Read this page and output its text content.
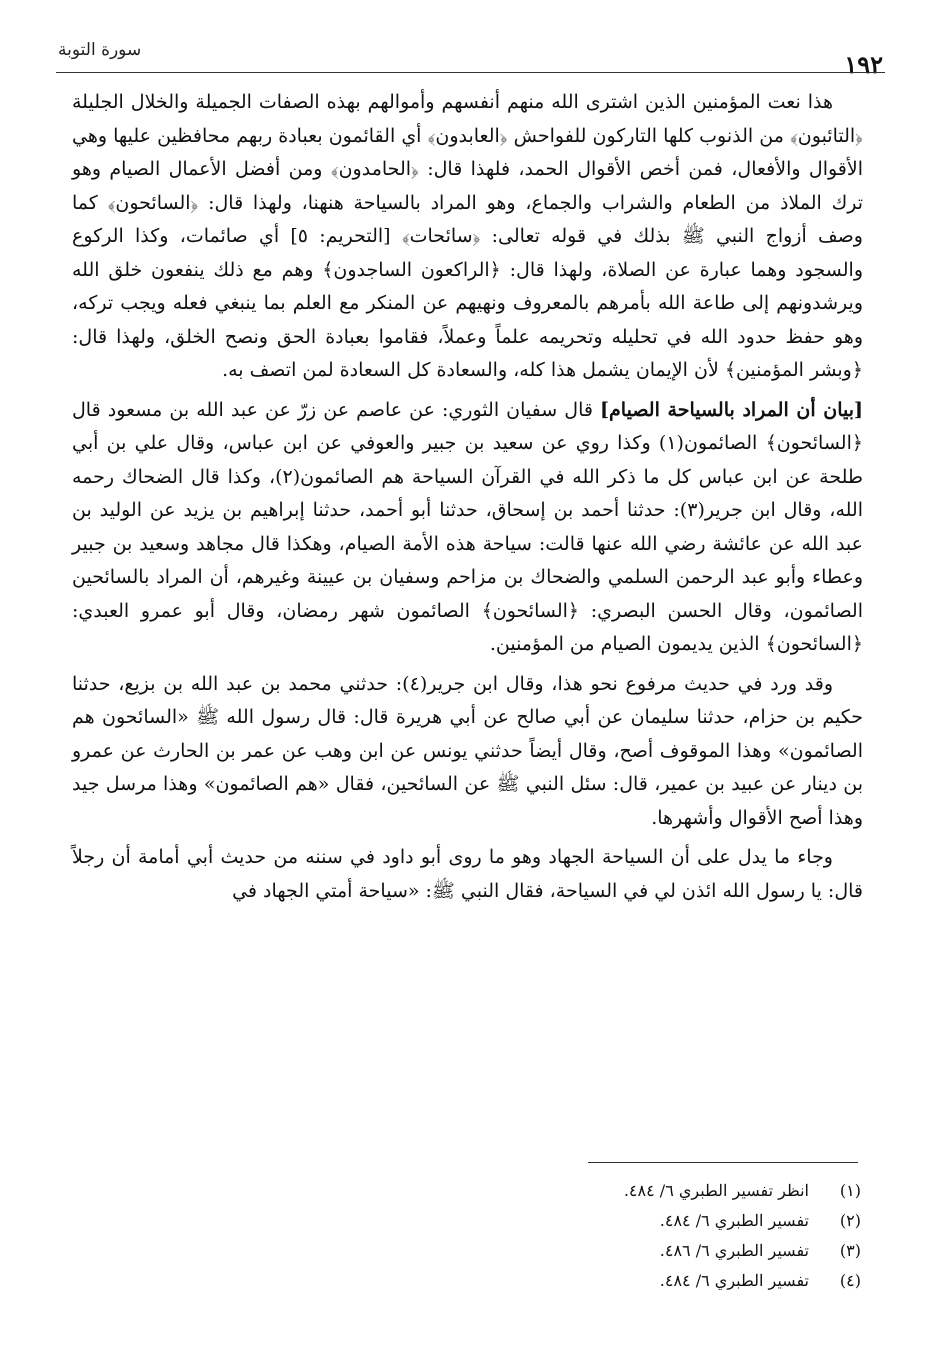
سورة التوبة	١٩٢

هذا نعت المؤمنين الذين اشترى الله منهم أنفسهم وأموالهم بهذه الصفات الجميلة والخلال الجليلة ﴿التائبون﴾ من الذنوب كلها التاركون للفواحش ﴿العابدون﴾ أي القائمون بعبادة ربهم محافظين عليها وهي الأقوال والأفعال، فمن أخص الأقوال الحمد، فلهذا قال: ﴿الحامدون﴾ ومن أفضل الأعمال الصيام وهو ترك الملاذ من الطعام والشراب والجماع، وهو المراد بالسياحة هنهنا، ولهذا قال: ﴿السائحون﴾ كما وصف أزواج النبي ﷺ بذلك في قوله تعالى: ﴿سائحات﴾ [التحريم: ٥] أي صائمات، وكذا الركوع والسجود وهما عبارة عن الصلاة، ولهذا قال: ﴿الراكعون الساجدون﴾ وهم مع ذلك ينفعون خلق الله ويرشدونهم إلى طاعة الله بأمرهم بالمعروف ونهيهم عن المنكر مع العلم بما ينبغي فعله ويجب تركه، وهو حفظ حدود الله في تحليله وتحريمه علماً وعملاً، فقاموا بعبادة الحق ونصح الخلق، ولهذا قال: ﴿وبشر المؤمنين﴾ لأن الإيمان يشمل هذا كله، والسعادة كل السعادة لمن اتصف به.

[بيان أن المراد بالسياحة الصيام] قال سفيان الثوري: عن عاصم عن زرّ عن عبد الله بن مسعود قال ﴿السائحون﴾ الصائمون(١) وكذا روي عن سعيد بن جبير والعوفي عن ابن عباس، وقال علي بن أبي طلحة عن ابن عباس كل ما ذكر الله في القرآن السياحة هم الصائمون(٢)، وكذا قال الضحاك رحمه الله، وقال ابن جرير(٣): حدثنا أحمد بن إسحاق، حدثنا أبو أحمد، حدثنا إبراهيم بن يزيد عن الوليد بن عبد الله عن عائشة رضي الله عنها قالت: سياحة هذه الأمة الصيام، وهكذا قال مجاهد وسعيد بن جبير وعطاء وأبو عبد الرحمن السلمي والضحاك بن مزاحم وسفيان بن عيينة وغيرهم، أن المراد بالسائحين الصائمون، وقال الحسن البصري: ﴿السائحون﴾ الصائمون شهر رمضان، وقال أبو عمرو العبدي: ﴿السائحون﴾ الذين يديمون الصيام من المؤمنين.

وقد ورد في حديث مرفوع نحو هذا، وقال ابن جرير(٤): حدثني محمد بن عبد الله بن بزيع، حدثنا حكيم بن حزام، حدثنا سليمان عن أبي صالح عن أبي هريرة قال: قال رسول الله ﷺ «السائحون هم الصائمون» وهذا الموقوف أصح، وقال أيضاً حدثني يونس عن ابن وهب عن عمر بن الحارث عن عمرو بن دينار عن عبيد بن عمير، قال: سئل النبي ﷺ عن السائحين، فقال «هم الصائمون» وهذا مرسل جيد وهذا أصح الأقوال وأشهرها.

وجاء ما يدل على أن السياحة الجهاد وهو ما روى أبو داود في سننه من حديث أبي أمامة أن رجلاً قال: يا رسول الله ائذن لي في السياحة، فقال النبي ﷺ: «سياحة أمتي الجهاد في

(١)
انظر تفسير الطبري ٦/ ٤٨٤.
(٢)
تفسير الطبري ٦/ ٤٨٤.
(٣)
تفسير الطبري ٦/ ٤٨٦.
(٤)
تفسير الطبري ٦/ ٤٨٤.
